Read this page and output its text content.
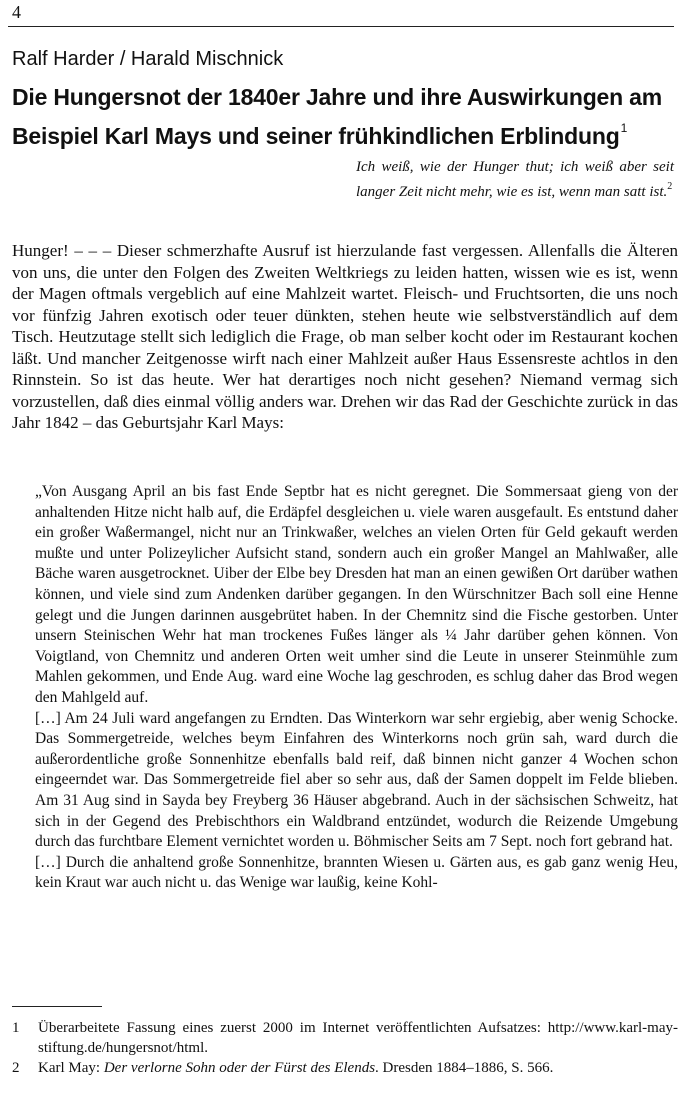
4
Ralf Harder / Harald Mischnick
Die Hungersnot der 1840er Jahre und ihre Auswirkungen am Beispiel Karl Mays und seiner frühkindlichen Erblindung$^1$
Ich weiß, wie der Hunger thut; ich weiß aber seit langer Zeit nicht mehr, wie es ist, wenn man satt ist.$^2$

Hunger! – – – Dieser schmerzhafte Ausruf ist hierzulande fast vergessen. Allenfalls die Älteren von uns, die unter den Folgen des Zweiten Weltkriegs zu leiden hatten, wissen wie es ist, wenn der Magen oftmals vergeblich auf eine Mahlzeit wartet. Fleisch- und Fruchtsorten, die uns noch vor fünfzig Jahren exotisch oder teuer dünkten, stehen heute wie selbstverständlich auf dem Tisch. Heutzutage stellt sich lediglich die Frage, ob man selber kocht oder im Restaurant kochen läßt. Und mancher Zeitgenosse wirft nach einer Mahlzeit außer Haus Essensreste achtlos in den Rinnstein. So ist das heute. Wer hat derartiges noch nicht gesehen? Niemand vermag sich vorzustellen, daß dies einmal völlig anders war. Drehen wir das Rad der Geschichte zurück in das Jahr 1842 – das Geburtsjahr Karl Mays:

„Von Ausgang April an bis fast Ende Septbr hat es nicht geregnet. Die Sommersaat gieng von der anhaltenden Hitze nicht halb auf, die Erdäpfel desgleichen u. viele waren ausgefault. Es entstund daher ein großer Waßermangel, nicht nur an Trinkwaßer, welches an vielen Orten für Geld gekauft werden mußte und unter Polizeylicher Aufsicht stand, sondern auch ein großer Mangel an Mahlwaßer, alle Bäche waren ausgetrocknet. Uiber der Elbe bey Dresden hat man an einen gewißen Ort darüber wathen können, und viele sind zum Andenken darüber gegangen. In den Würschnitzer Bach soll eine Henne gelegt und die Jungen darinnen ausgebrütet haben. In der Chemnitz sind die Fische gestorben. Unter unsern Steinischen Wehr hat man trockenes Fußes länger als ¼ Jahr darüber gehen können. Von Voigtland, von Chemnitz und anderen Orten weit umher sind die Leute in unserer Steinmühle zum Mahlen gekommen, und Ende Aug. ward eine Woche lag geschroden, es schlug daher das Brod wegen den Mahlgeld auf.

[…] Am 24 Juli ward angefangen zu Erndten. Das Winterkorn war sehr ergiebig, aber wenig Schocke. Das Sommergetreide, welches beym Einfahren des Winterkorns noch grün sah, ward durch die außerordentliche große Sonnenhitze ebenfalls bald reif, daß binnen nicht ganzer 4 Wochen schon eingeerndet war. Das Sommergetreide fiel aber so sehr aus, daß der Samen doppelt im Felde blieben. Am 31 Aug sind in Sayda bey Freyberg 36 Häuser abgebrand. Auch in der sächsischen Schweitz, hat sich in der Gegend des Prebischthors ein Waldbrand entzündet, wodurch die Reizende Umgebung durch das furchtbare Element vernichtet worden u. Böhmischer Seits am 7 Sept. noch fort gebrand hat.

[…] Durch die anhaltend große Sonnenhitze, brannten Wiesen u. Gärten aus, es gab ganz wenig Heu, kein Kraut war auch nicht u. das Wenige war laußig, keine Kohl-

1	Überarbeitete Fassung eines zuerst 2000 im Internet veröffentlichten Aufsatzes: http://www.karl-may-stiftung.de/hungersnot/html.

2	Karl May: Der verlorne Sohn oder der Fürst des Elends. Dresden 1884–1886, S. 566.
